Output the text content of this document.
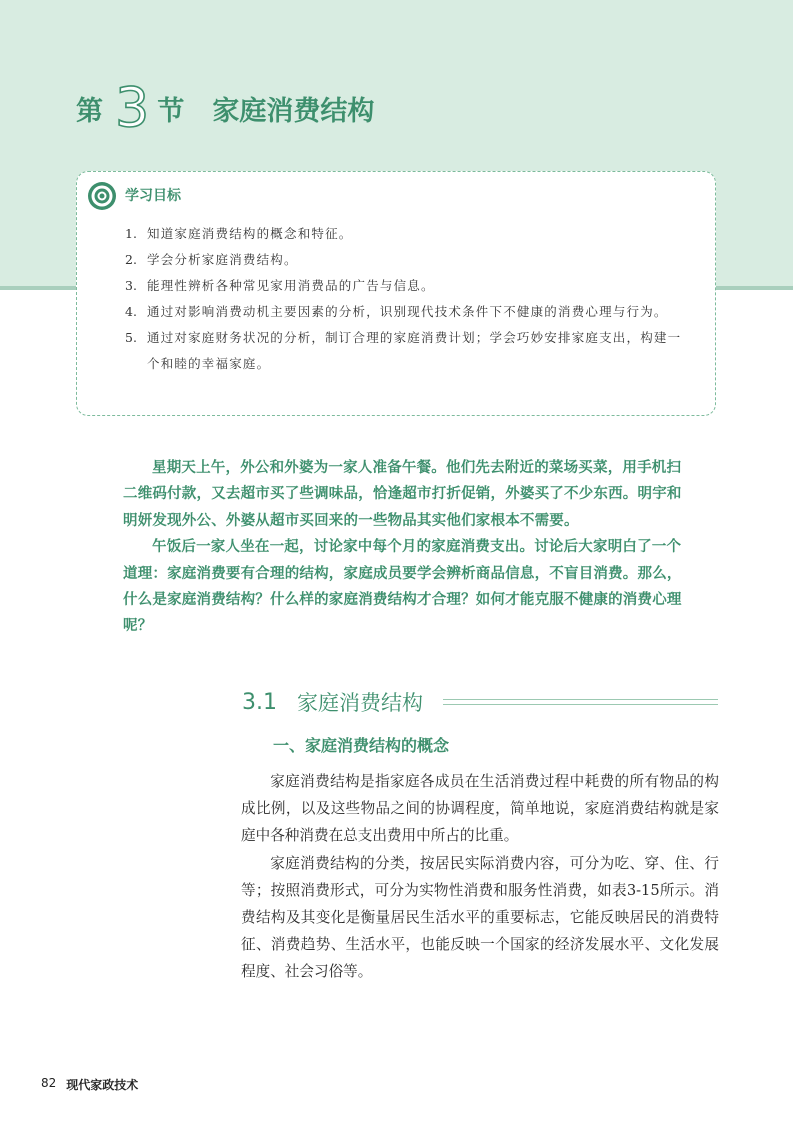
第 3 节 家庭消费结构
学习目标
1. 知道家庭消费结构的概念和特征。
2. 学会分析家庭消费结构。
3. 能理性辨析各种常见家用消费品的广告与信息。
4. 通过对影响消费动机主要因素的分析，识别现代技术条件下不健康的消费心理与行为。
5. 通过对家庭财务状况的分析，制订合理的家庭消费计划；学会巧妙安排家庭支出，构建一个和睦的幸福家庭。

星期天上午，外公和外婆为一家人准备午餐。他们先去附近的菜场买菜，用手机扫二维码付款，又去超市买了些调味品，恰逢超市打折促销，外婆买了不少东西。明宇和明妍发现外公、外婆从超市买回来的一些物品其实他们家根本不需要。

午饭后一家人坐在一起，讨论家中每个月的家庭消费支出。讨论后大家明白了一个道理：家庭消费要有合理的结构，家庭成员要学会辨析商品信息，不盲目消费。那么，什么是家庭消费结构？什么样的家庭消费结构才合理？如何才能克服不健康的消费心理呢？

3.1 家庭消费结构
一、家庭消费结构的概念

家庭消费结构是指家庭各成员在生活消费过程中耗费的所有物品的构成比例，以及这些物品之间的协调程度，简单地说，家庭消费结构就是家庭中各种消费在总支出费用中所占的比重。

家庭消费结构的分类，按居民实际消费内容，可分为吃、穿、住、行等；按照消费形式，可分为实物性消费和服务性消费，如表3-15所示。消费结构及其变化是衡量居民生活水平的重要标志，它能反映居民的消费特征、消费趋势、生活水平，也能反映一个国家的经济发展水平、文化发展程度、社会习俗等。

82 现代家政技术
